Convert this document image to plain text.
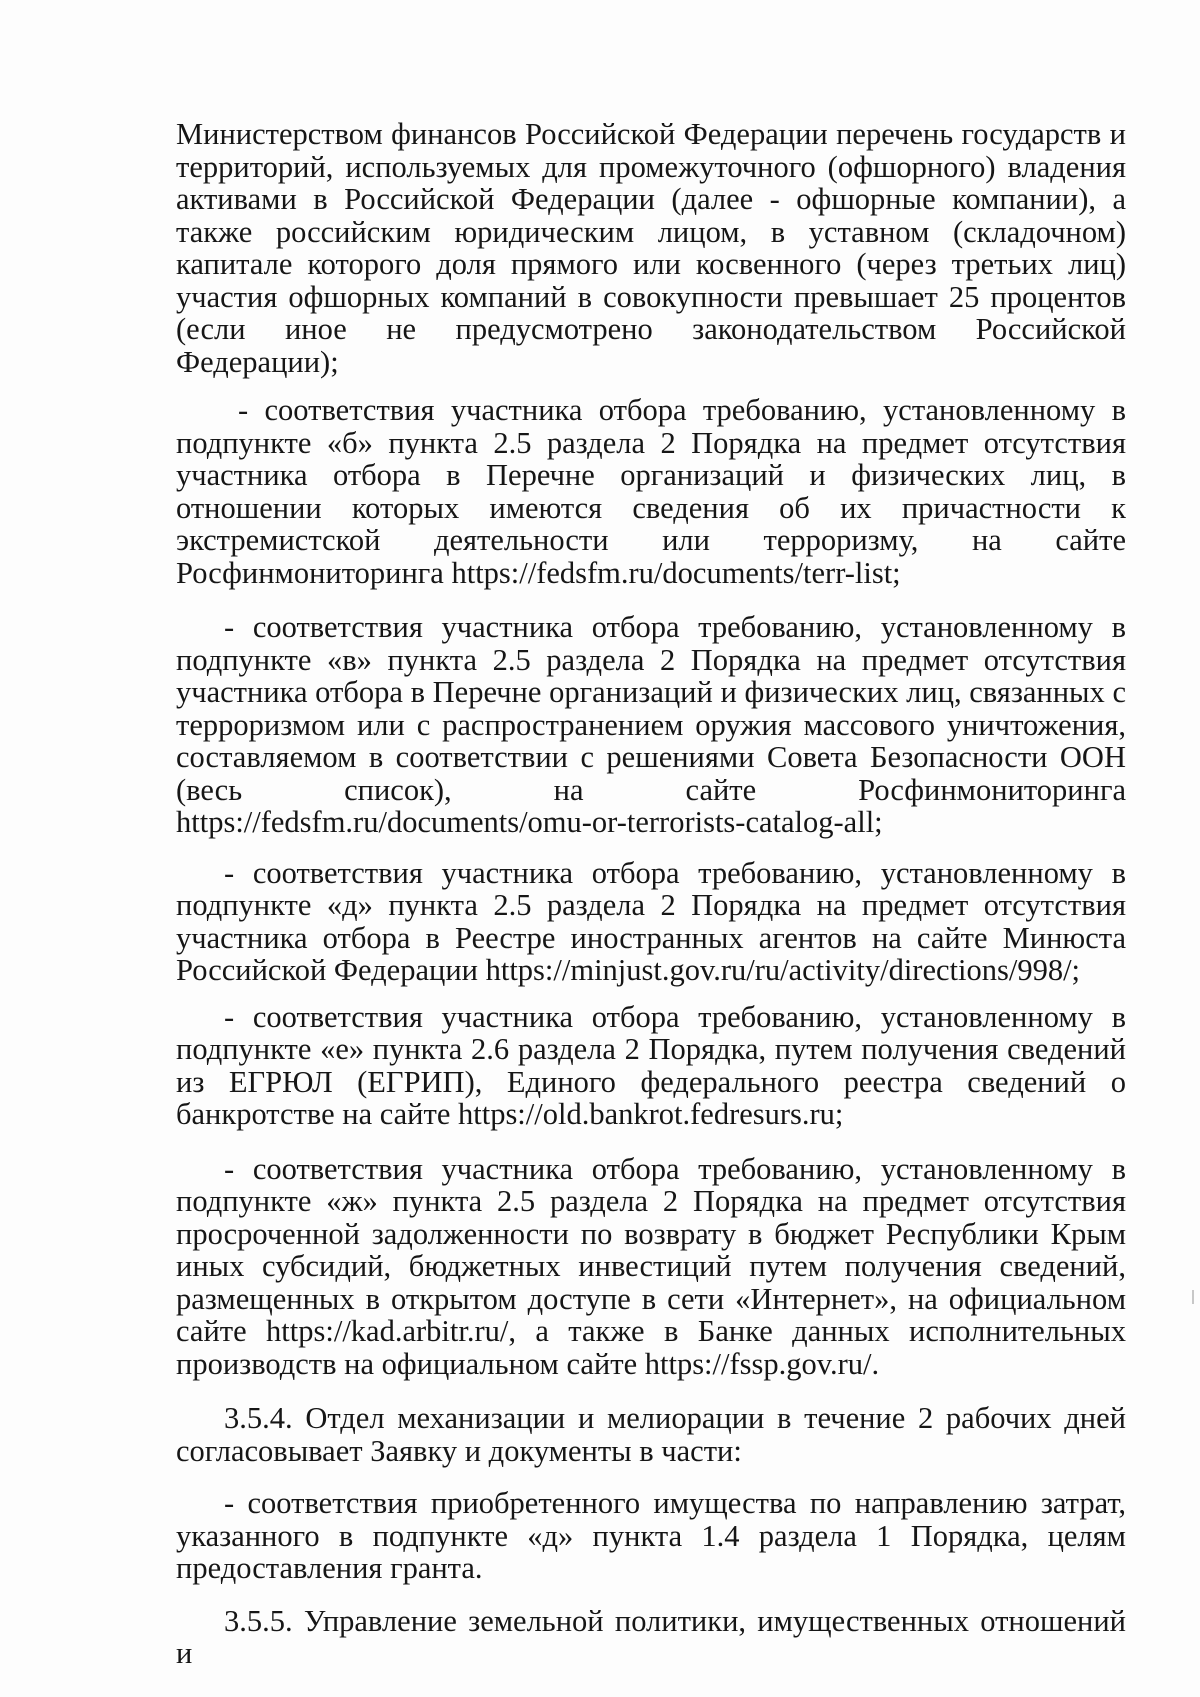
Министерством финансов Российской Федерации перечень государств и территорий, используемых для промежуточного (офшорного) владения активами в Российской Федерации (далее - офшорные компании), а также российским юридическим лицом, в уставном (складочном) капитале которого доля прямого или косвенного (через третьих лиц) участия офшорных компаний в совокупности превышает 25 процентов (если иное не предусмотрено законодательством Российской Федерации);

- соответствия участника отбора требованию, установленному в подпункте «б» пункта 2.5 раздела 2 Порядка на предмет отсутствия участника отбора в Перечне организаций и физических лиц, в отношении которых имеются сведения об их причастности к экстремистской деятельности или терроризму, на сайте Росфинмониторинга https://fedsfm.ru/documents/terr-list;

- соответствия участника отбора требованию, установленному в подпункте «в» пункта 2.5 раздела 2 Порядка на предмет отсутствия участника отбора в Перечне организаций и физических лиц, связанных с терроризмом или с распространением оружия массового уничтожения, составляемом в соответствии с решениями Совета Безопасности ООН (весь список), на сайте Росфинмониторинга https://fedsfm.ru/documents/omu-or-terrorists-catalog-all;

- соответствия участника отбора требованию, установленному в подпункте «д» пункта 2.5 раздела 2 Порядка на предмет отсутствия участника отбора в Реестре иностранных агентов на сайте Минюста Российской Федерации https://minjust.gov.ru/ru/activity/directions/998/;

- соответствия участника отбора требованию, установленному в подпункте «е» пункта 2.6 раздела 2 Порядка, путем получения сведений из ЕГРЮЛ (ЕГРИП), Единого федерального реестра сведений о банкротстве на сайте https://old.bankrot.fedresurs.ru;

- соответствия участника отбора требованию, установленному в подпункте «ж» пункта 2.5 раздела 2 Порядка на предмет отсутствия просроченной задолженности по возврату в бюджет Республики Крым иных субсидий, бюджетных инвестиций путем получения сведений, размещенных в открытом доступе в сети «Интернет», на официальном сайте https://kad.arbitr.ru/, а также в Банке данных исполнительных производств на официальном сайте https://fssp.gov.ru/.

3.5.4. Отдел механизации и мелиорации в течение 2 рабочих дней согласовывает Заявку и документы в части:

- соответствия приобретенного имущества по направлению затрат, указанного в подпункте «д» пункта 1.4 раздела 1 Порядка, целям предоставления гранта.

3.5.5. Управление земельной политики, имущественных отношений и
